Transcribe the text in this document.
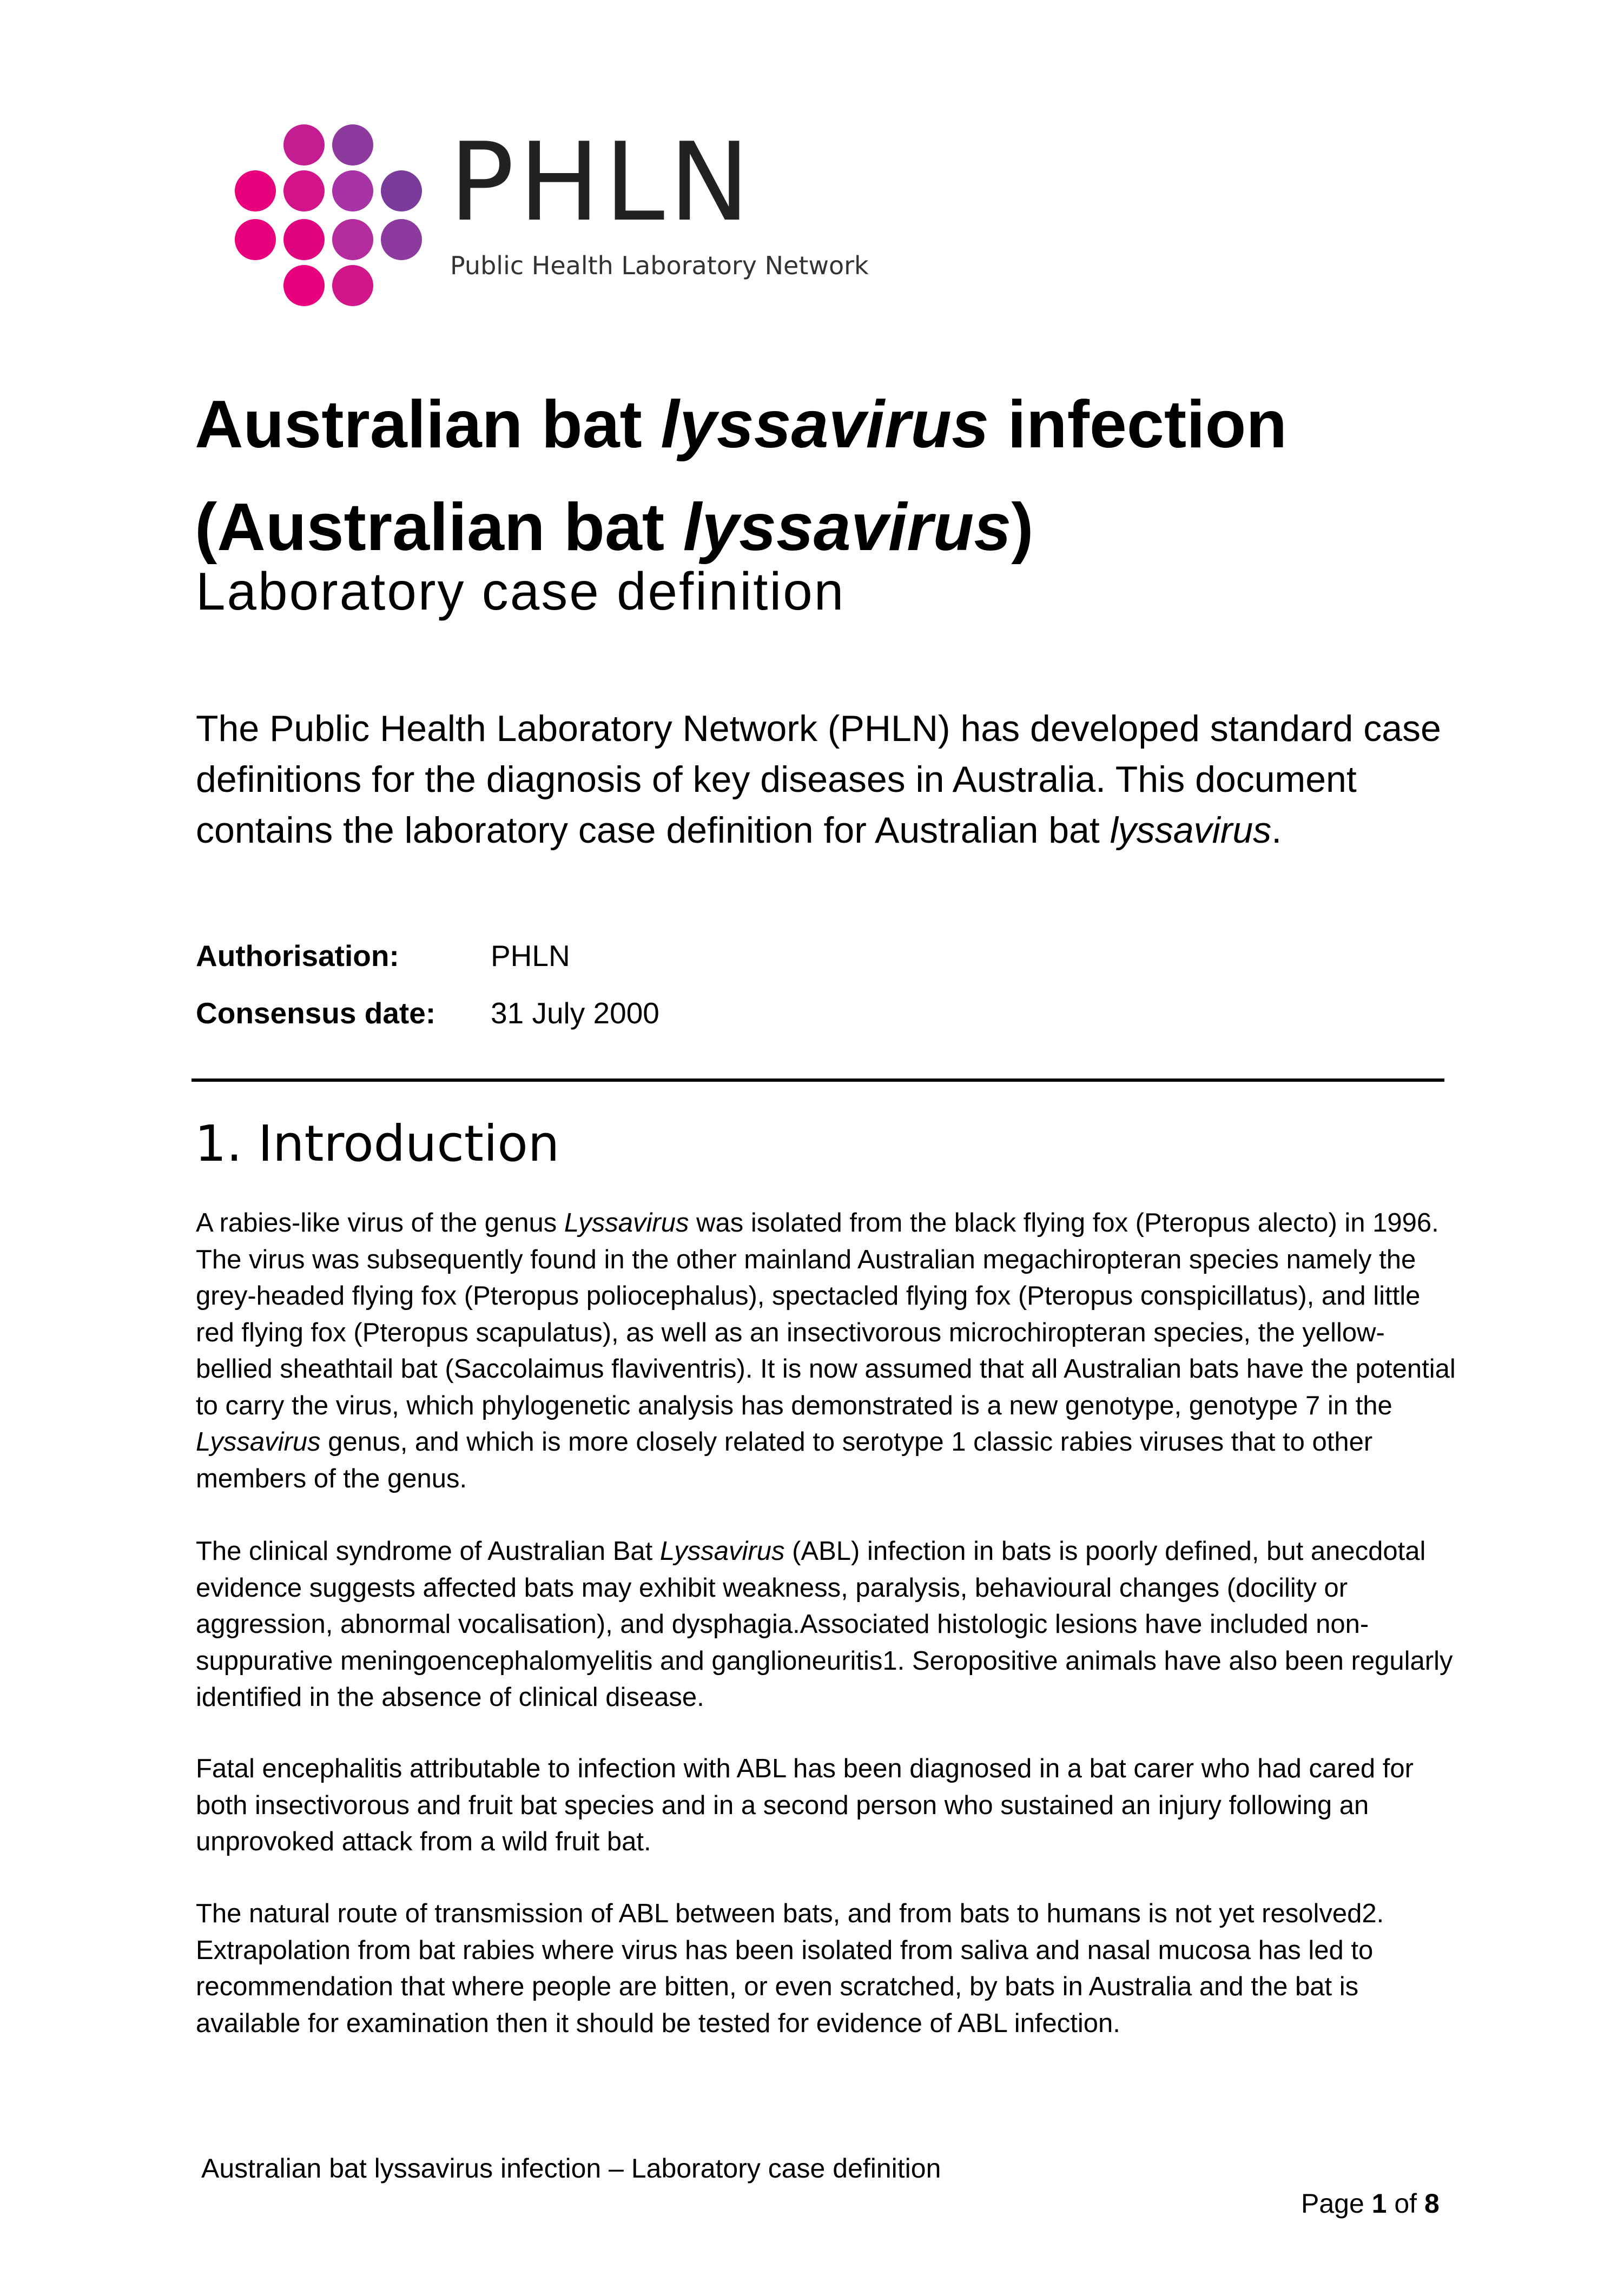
PHLN
Public Health Laboratory Network
Australian bat lyssavirus infection
(Australian bat lyssavirus)
Laboratory case definition
The Public Health Laboratory Network (PHLN) has developed standard case definitions for the diagnosis of key diseases in Australia. This document contains the laboratory case definition for Australian bat lyssavirus.
Authorisation:	PHLN
Consensus date: 31 July 2000
1. Introduction
A rabies-like virus of the genus Lyssavirus was isolated from the black flying fox (Pteropus alecto) in 1996. The virus was subsequently found in the other mainland Australian megachiropteran species namely the grey-headed flying fox (Pteropus poliocephalus), spectacled flying fox (Pteropus conspicillatus), and little red flying fox (Pteropus scapulatus), as well as an insectivorous microchiropteran species, the yellow-bellied sheathtail bat (Saccolaimus flaviventris). It is now assumed that all Australian bats have the potential to carry the virus, which phylogenetic analysis has demonstrated is a new genotype, genotype 7 in the Lyssavirus genus, and which is more closely related to serotype 1 classic rabies viruses that to other members of the genus.
The clinical syndrome of Australian Bat Lyssavirus (ABL) infection in bats is poorly defined, but anecdotal evidence suggests affected bats may exhibit weakness, paralysis, behavioural changes (docility or aggression, abnormal vocalisation), and dysphagia.Associated histologic lesions have included non-suppurative meningoencephalomyelitis and ganglioneuritis1. Seropositive animals have also been regularly identified in the absence of clinical disease.
Fatal encephalitis attributable to infection with ABL has been diagnosed in a bat carer who had cared for both insectivorous and fruit bat species and in a second person who sustained an injury following an unprovoked attack from a wild fruit bat.
The natural route of transmission of ABL between bats, and from bats to humans is not yet resolved2. Extrapolation from bat rabies where virus has been isolated from saliva and nasal mucosa has led to recommendation that where people are bitten, or even scratched, by bats in Australia and the bat is available for examination then it should be tested for evidence of ABL infection.
Australian bat lyssavirus infection – Laboratory case definition
Page 1 of 8
